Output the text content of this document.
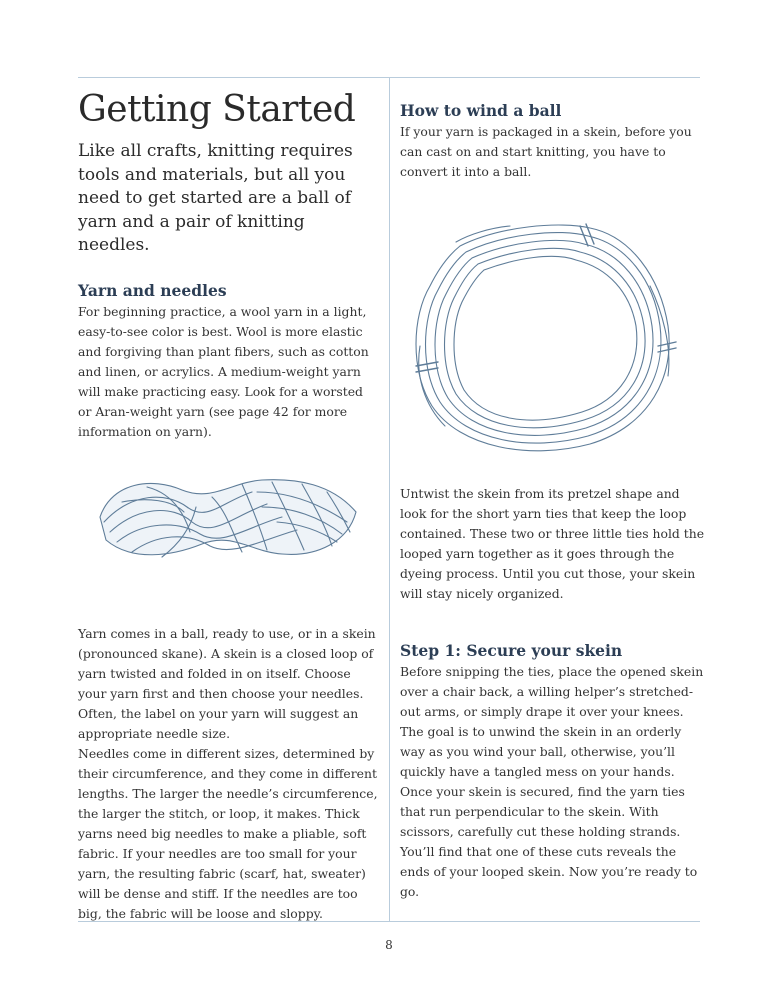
Getting Started

Like all crafts, knitting requires tools and materials, but all you need to get started are a ball of yarn and a pair of knitting needles.

Yarn and needles

For beginning practice, a wool yarn in a light, easy-to-see color is best. Wool is more elastic and forgiving than plant fibers, such as cotton and linen, or acrylics. A medium-weight yarn will make practicing easy. Look for a worsted or Aran-weight yarn (see page 42 for more information on yarn).

Yarn comes in a ball, ready to use, or in a skein (pronounced skane). A skein is a closed loop of yarn twisted and folded in on itself. Choose your yarn first and then choose your needles. Often, the label on your yarn will suggest an appropriate needle size.

Needles come in different sizes, determined by their circumference, and they come in different lengths. The larger the needle’s circumference, the larger the stitch, or loop, it makes. Thick yarns need big needles to make a pliable, soft fabric. If your needles are too small for your yarn, the resulting fabric (scarf, hat, sweater) will be dense and stiff. If the needles are too big, the fabric will be loose and sloppy.

How to wind a ball

If your yarn is packaged in a skein, before you can cast on and start knitting, you have to convert it into a ball.

Untwist the skein from its pretzel shape and look for the short yarn ties that keep the loop contained. These two or three little ties hold the looped yarn together as it goes through the dyeing process. Until you cut those, your skein will stay nicely organized.

Step 1: Secure your skein

Before snipping the ties, place the opened skein over a chair back, a willing helper’s stretched-out arms, or simply drape it over your knees. The goal is to unwind the skein in an orderly way as you wind your ball, otherwise, you’ll quickly have a tangled mess on your hands.

Once your skein is secured, find the yarn ties that run perpendicular to the skein. With scissors, carefully cut these holding strands. You’ll find that one of these cuts reveals the ends of your looped skein. Now you’re ready to go.

8
